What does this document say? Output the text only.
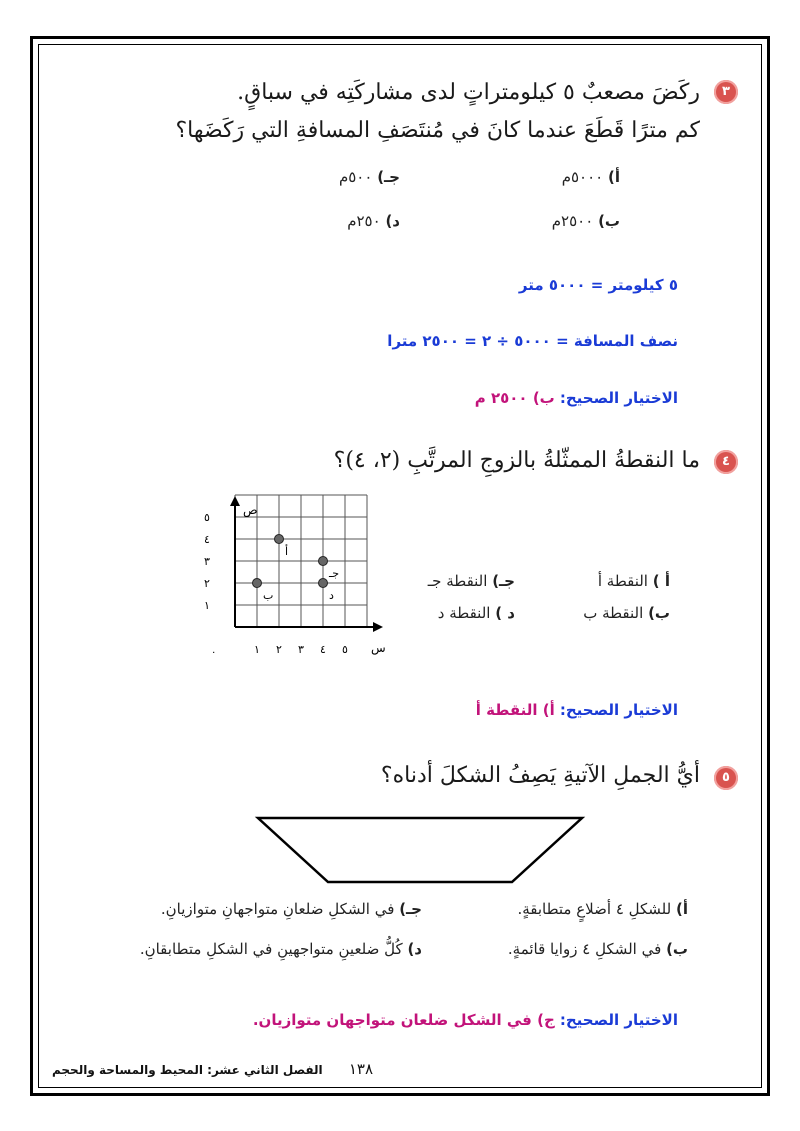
٣
ركَضَ مصعبٌ ٥ كيلومتراتٍ لدى مشاركَتِه في سباقٍ.
كم مترًا قَطَعَ عندما كانَ في مُنتَصَفِ المسافةِ التي رَكَضَها؟
أ) ٥٠٠٠م
جـ) ٥٠٠م
ب) ٢٥٠٠م
د) ٢٥٠م
٥ كيلومتر = ٥٠٠٠ متر
نصف المسافة = ٥٠٠٠ ÷ ٢ = ٢٥٠٠ مترا
الاختيار الصحيح: ب) ٢٥٠٠ م
٤
ما النقطةُ الممثّلةُ بالزوجِ المرتَّبِ (٢، ٤)؟
ص
س
٠	١ ٢ ٣ ٤ ٥
١
٢
٣
٤
٥
أ
جـ
ب	د
أ ) النقطة أ
جـ) النقطة جـ
ب) النقطة ب
د ) النقطة د
الاختيار الصحيح: أ) النقطة أ
٥
أيُّ الجملِ الآتيةِ يَصِفُ الشكلَ أدناه؟
أ) للشكلِ ٤ أضلاعٍ متطابقةٍ.
جـ) في الشكلِ ضلعانِ متواجهانِ متوازيانِ.
ب) في الشكلِ ٤ زوايا قائمةٍ.
د) كُلُّ ضلعينِ متواجهينِ في الشكلِ متطابقانِ.
الاختيار الصحيح: ج) في الشكل ضلعان متواجهان متوازيان.
١٣٨ الفصل الثاني عشر: المحيط والمساحة والحجم
